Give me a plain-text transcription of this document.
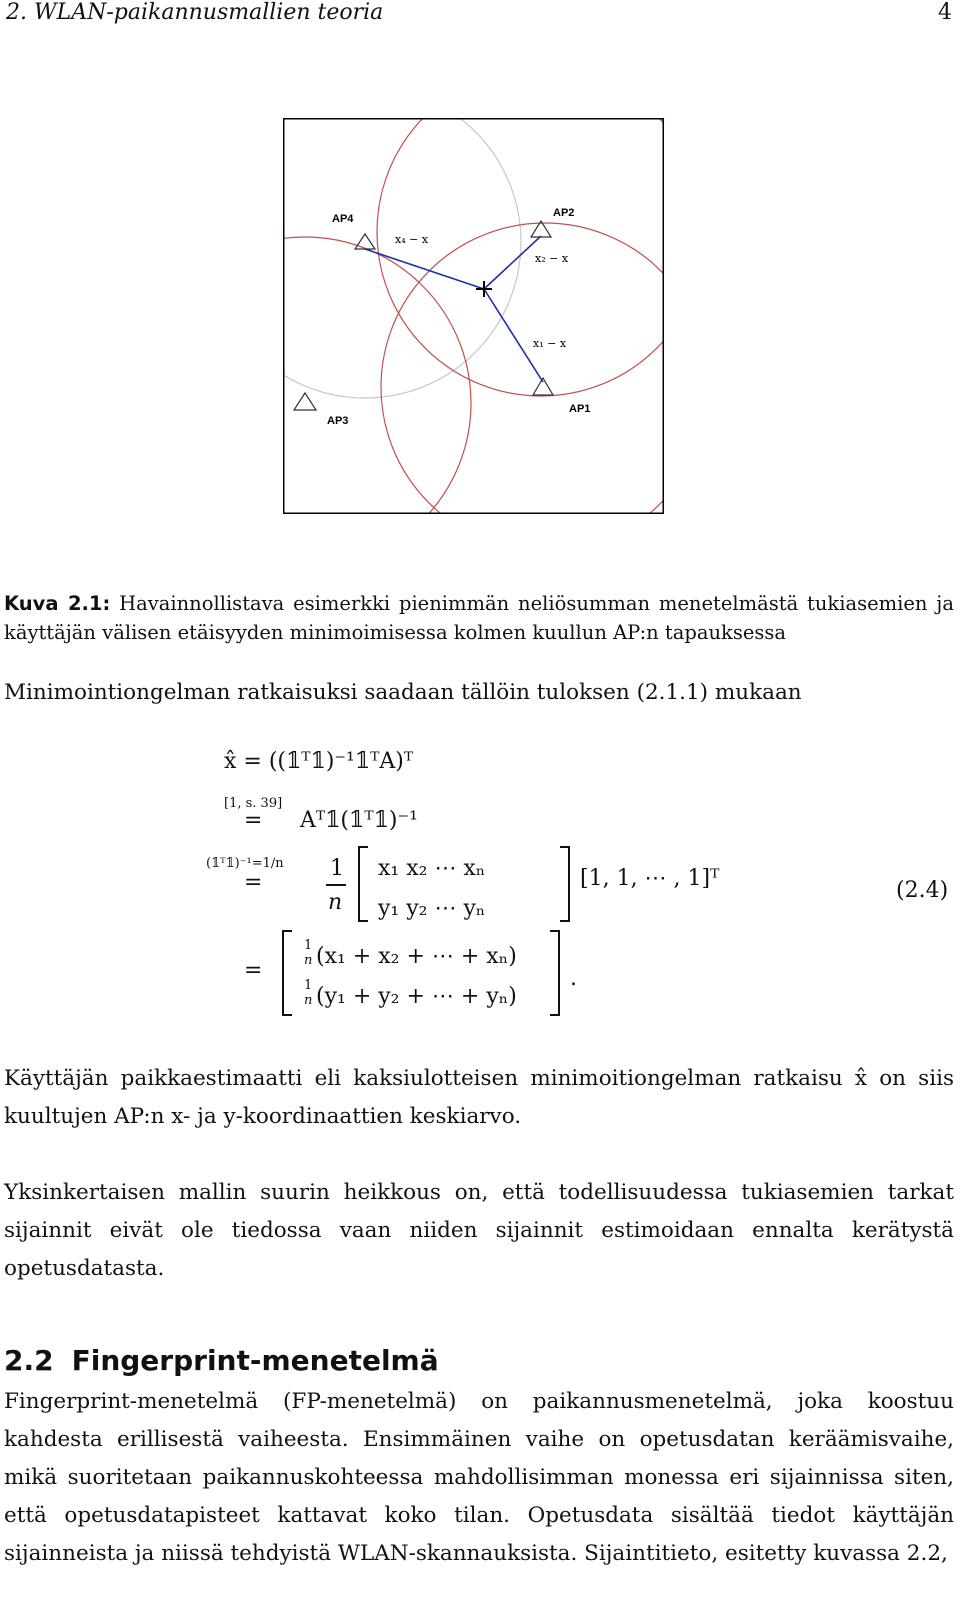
2. WLAN-paikannusmallien teoria	4
AP4	AP2
AP1
AP3
x₄ − x
x₂ − x
x₁ − x
Kuva 2.1: Havainnollistava esimerkki pienimmän neliösumman menetelmästä tukiasemien ja käyttäjän välisen etäisyyden minimoimisessa kolmen kuullun AP:n tapauksessa
Minimointiongelman ratkaisuksi saadaan tällöin tuloksen (2.1.1) mukaan
x̂ = ((𝟙ᵀ𝟙)⁻¹𝟙ᵀA)ᵀ
[1, s. 39]
= Aᵀ𝟙(𝟙ᵀ𝟙)⁻¹
(𝟙ᵀ𝟙)⁻¹=1/n
=
1
n
x₁ x₂ ⋯ xₙ
y₁ y₂ ⋯ yₙ
[1, 1, ⋯ , 1]ᵀ
=
1
n (x₁ + x₂ + ⋯ + xₙ)
1
n (y₁ + y₂ + ⋯ + yₙ)
.
(2.4)
Käyttäjän paikkaestimaatti eli kaksiulotteisen minimoitiongelman ratkaisu x̂ on siis kuultujen AP:n x- ja y-koordinaattien keskiarvo.
Yksinkertaisen mallin suurin heikkous on, että todellisuudessa tukiasemien tarkat sijainnit eivät ole tiedossa vaan niiden sijainnit estimoidaan ennalta kerätystä opetusdatasta.
2.2 Fingerprint-menetelmä
Fingerprint-menetelmä (FP-menetelmä) on paikannusmenetelmä, joka koostuu kahdesta erillisestä vaiheesta. Ensimmäinen vaihe on opetusdatan keräämisvaihe, mikä suoritetaan paikannuskohteessa mahdollisimman monessa eri sijainnissa siten, että opetusdatapisteet kattavat koko tilan. Opetusdata sisältää tiedot käyttäjän sijainneista ja niissä tehdyistä WLAN-skannauksista. Sijaintitieto, esitetty kuvassa 2.2,
